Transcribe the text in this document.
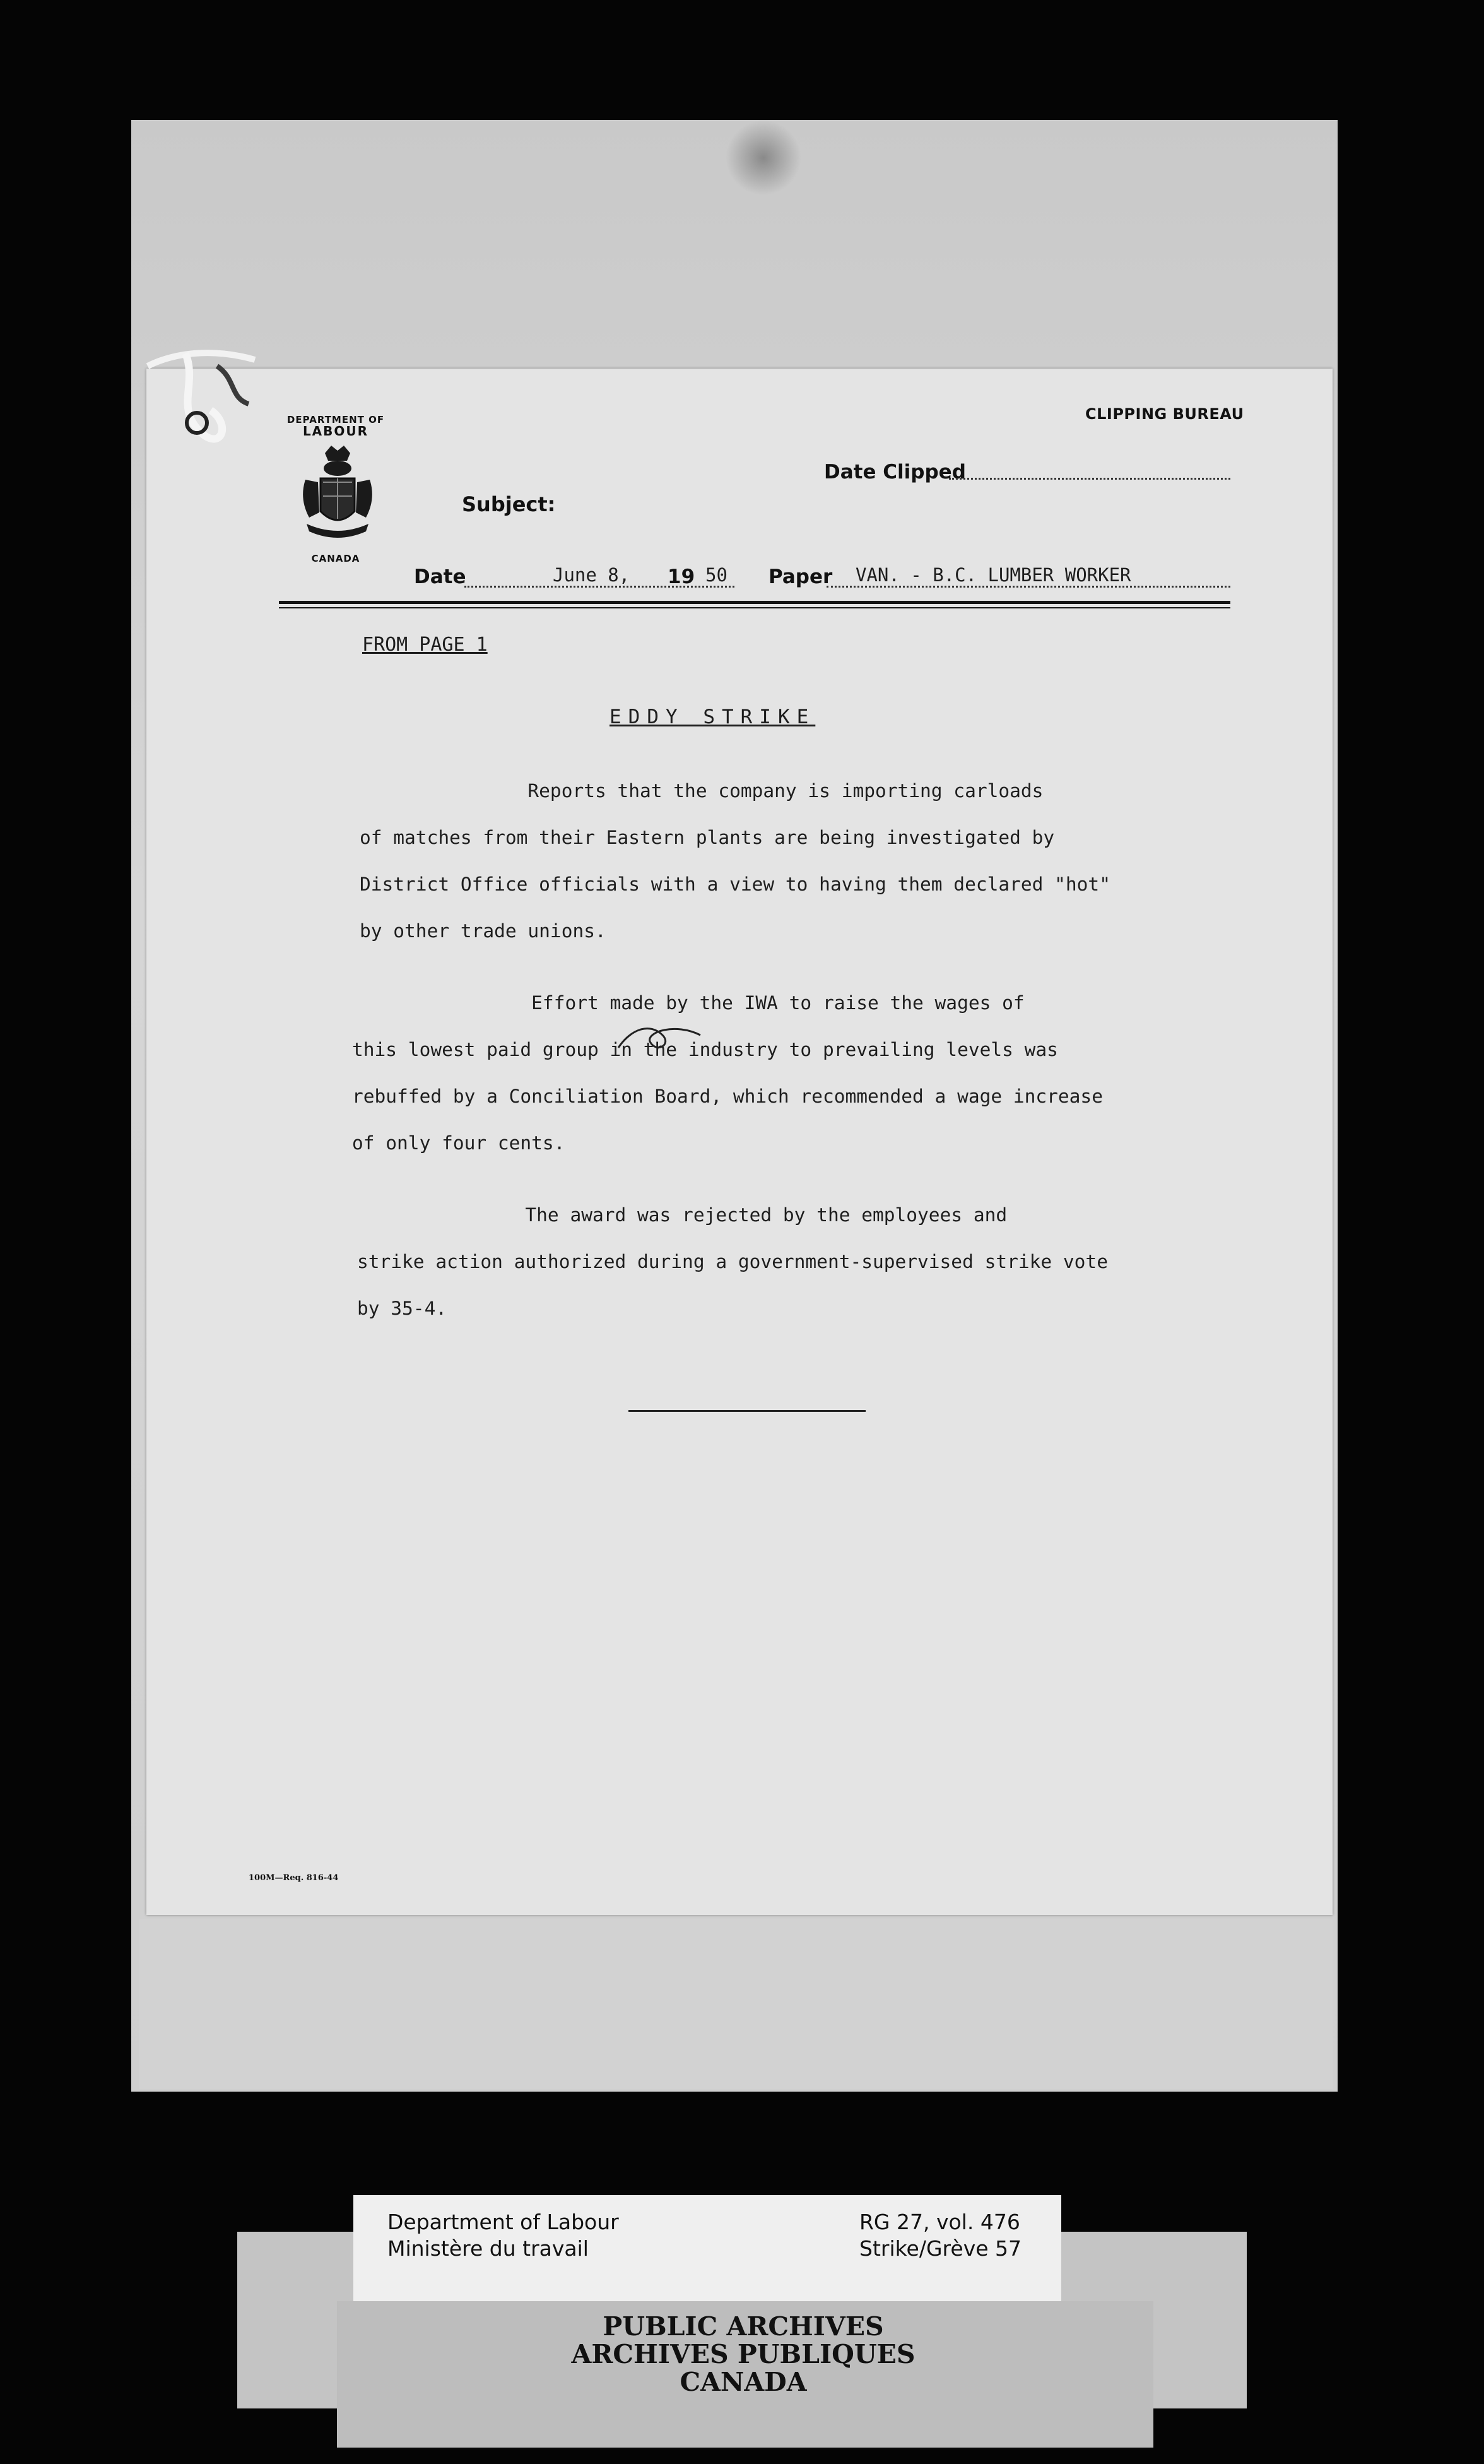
DEPARTMENT OF
LABOUR
CANADA
CLIPPING BUREAU
Date Clipped
Subject:
Date	June 8, 19 50 Paper VAN. - B.C. LUMBER WORKER
FROM PAGE 1
EDDY STRIKE
Reports that the company is importing carloads
of matches from their Eastern plants are being investigated by
District Office officials with a view to having them declared "hot"
by other trade unions.
Effort made by the IWA to raise the wages of
this lowest paid group in the industry to prevailing levels was
rebuffed by a Conciliation Board, which recommended a wage increase
of only four cents.
The award was rejected by the employees and
strike action authorized during a government-supervised strike vote
by 35-4.
100M—Req. 816-44
Department of Labour
Ministère du travail
RG 27, vol. 476
Strike/Grève 57
PUBLIC ARCHIVES
ARCHIVES PUBLIQUES
CANADA
